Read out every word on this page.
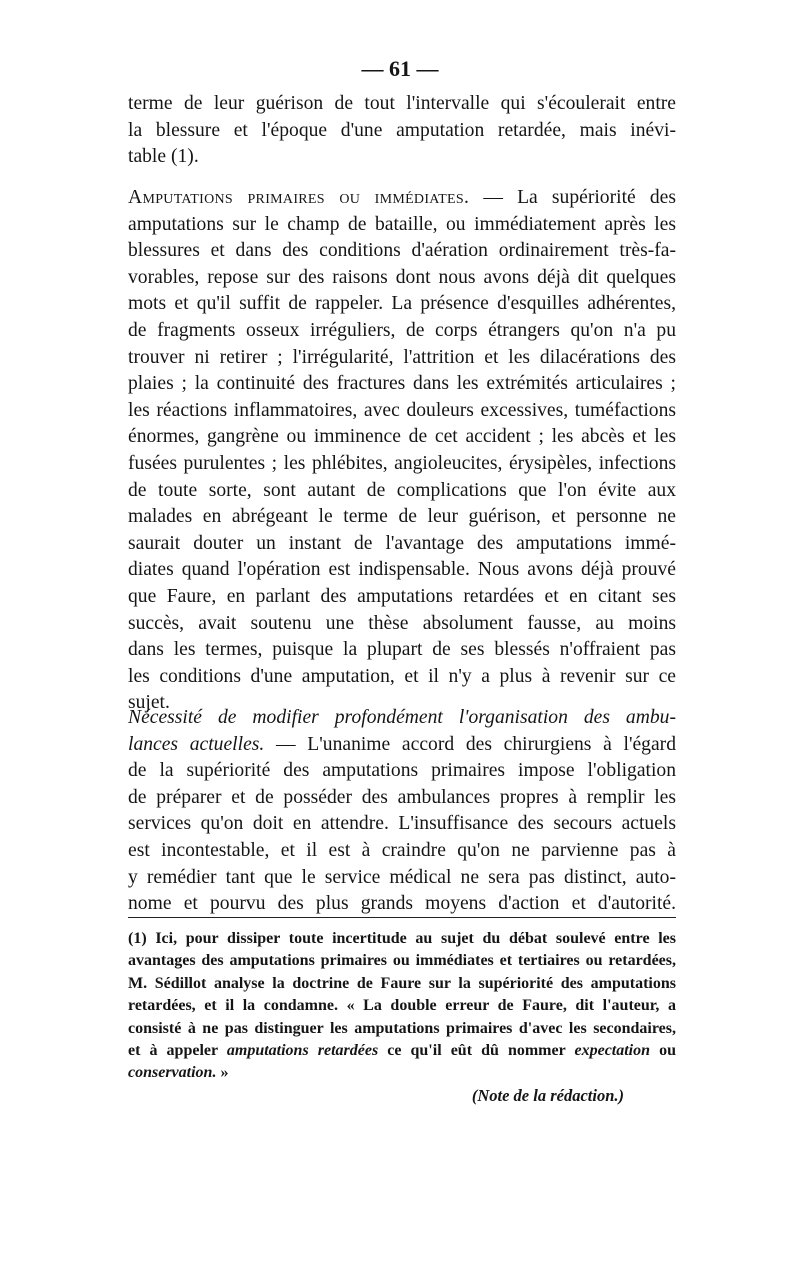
— 61 —
terme de leur guérison de tout l'intervalle qui s'écoulerait entre
la blessure et l'époque d'une amputation retardée, mais inévi-
table (1).
Amputations primaires ou immédiates. — La supériorité des
amputations sur le champ de bataille, ou immédiatement après les
blessures et dans des conditions d'aération ordinairement très-fa-
vorables, repose sur des raisons dont nous avons déjà dit quelques
mots et qu'il suffit de rappeler. La présence d'esquilles adhérentes,
de fragments osseux irréguliers, de corps étrangers qu'on n'a pu
trouver ni retirer ; l'irrégularité, l'attrition et les dilacérations des
plaies ; la continuité des fractures dans les extrémités articulaires ;
les réactions inflammatoires, avec douleurs excessives, tuméfactions
énormes, gangrène ou imminence de cet accident ; les abcès et les
fusées purulentes ; les phlébites, angioleucites, érysipèles, infections
de toute sorte, sont autant de complications que l'on évite aux
malades en abrégeant le terme de leur guérison, et personne ne
saurait douter un instant de l'avantage des amputations immé-
diates quand l'opération est indispensable. Nous avons déjà prouvé
que Faure, en parlant des amputations retardées et en citant ses
succès, avait soutenu une thèse absolument fausse, au moins
dans les termes, puisque la plupart de ses blessés n'offraient pas
les conditions d'une amputation, et il n'y a plus à revenir sur ce
sujet.
Nécessité de modifier profondément l'organisation des ambu-
lances actuelles. — L'unanime accord des chirurgiens à l'égard
de la supériorité des amputations primaires impose l'obligation
de préparer et de posséder des ambulances propres à remplir les
services qu'on doit en attendre. L'insuffisance des secours actuels
est incontestable, et il est à craindre qu'on ne parvienne pas à
y remédier tant que le service médical ne sera pas distinct, auto-
nome et pourvu des plus grands moyens d'action et d'autorité.
(1) Ici, pour dissiper toute incertitude au sujet du débat soulevé entre les
avantages des amputations primaires ou immédiates et tertiaires ou retardées,
M. Sédillot analyse la doctrine de Faure sur la supériorité des amputations
retardées, et il la condamne. « La double erreur de Faure, dit l'auteur, a
consisté à ne pas distinguer les amputations primaires d'avec les secondaires,
et à appeler amputations retardées ce qu'il eût dû nommer expectation ou
conservation. »
(Note de la rédaction.)
